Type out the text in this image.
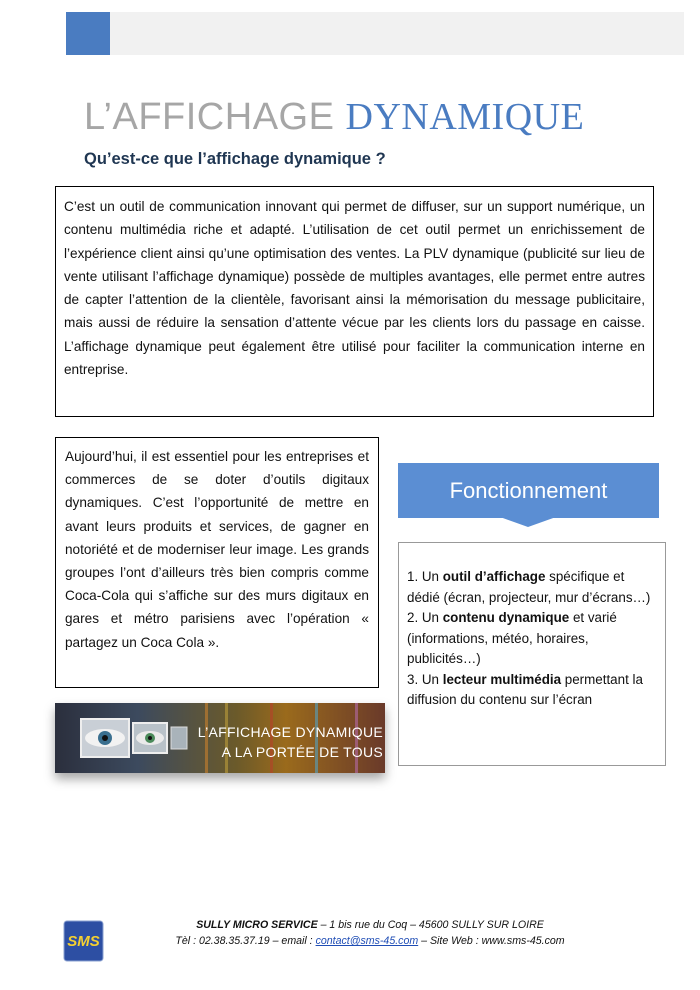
L’AFFICHAGE DYNAMIQUE
Qu’est-ce que l’affichage dynamique ?

C’est un outil de communication innovant qui permet de diffuser, sur un support numérique, un contenu multimédia riche et adapté. L’utilisation de cet outil permet un enrichissement de l’expérience client ainsi qu’une optimisation des ventes. La PLV dynamique (publicité sur lieu de vente utilisant l’affichage dynamique) possède de multiples avantages, elle permet entre autres de capter l’attention de la clientèle, favorisant ainsi la mémorisation du message publicitaire, mais aussi de réduire la sensation d’attente vécue par les clients lors du passage en caisse. L’affichage dynamique peut également être utilisé pour faciliter la communication interne en entreprise.

Aujourd’hui, il est essentiel pour les entreprises et commerces de se doter d’outils digitaux dynamiques. C’est l’opportunité de mettre en avant leurs produits et services, de gagner en notoriété et de moderniser leur image. Les grands groupes l’ont d’ailleurs très bien compris comme Coca-Cola qui s’affiche sur des murs digitaux en gares et métro parisiens avec l’opération « partagez un Coca Cola ».

Fonctionnement

1. Un outil d’affichage spécifique et dédié (écran, projecteur, mur d’écrans…)
2. Un contenu dynamique et varié (informations, météo, horaires, publicités…)
3. Un lecteur multimédia permettant la diffusion du contenu sur l’écran

L’AFFICHAGE DYNAMIQUE
A LA PORTÉE DE TOUS
SMS
SULLY MICRO SERVICE – 1 bis rue du Coq – 45600 SULLY SUR LOIRE
Tèl : 02.38.35.37.19 – email : contact@sms-45.com – Site Web : www.sms-45.com
